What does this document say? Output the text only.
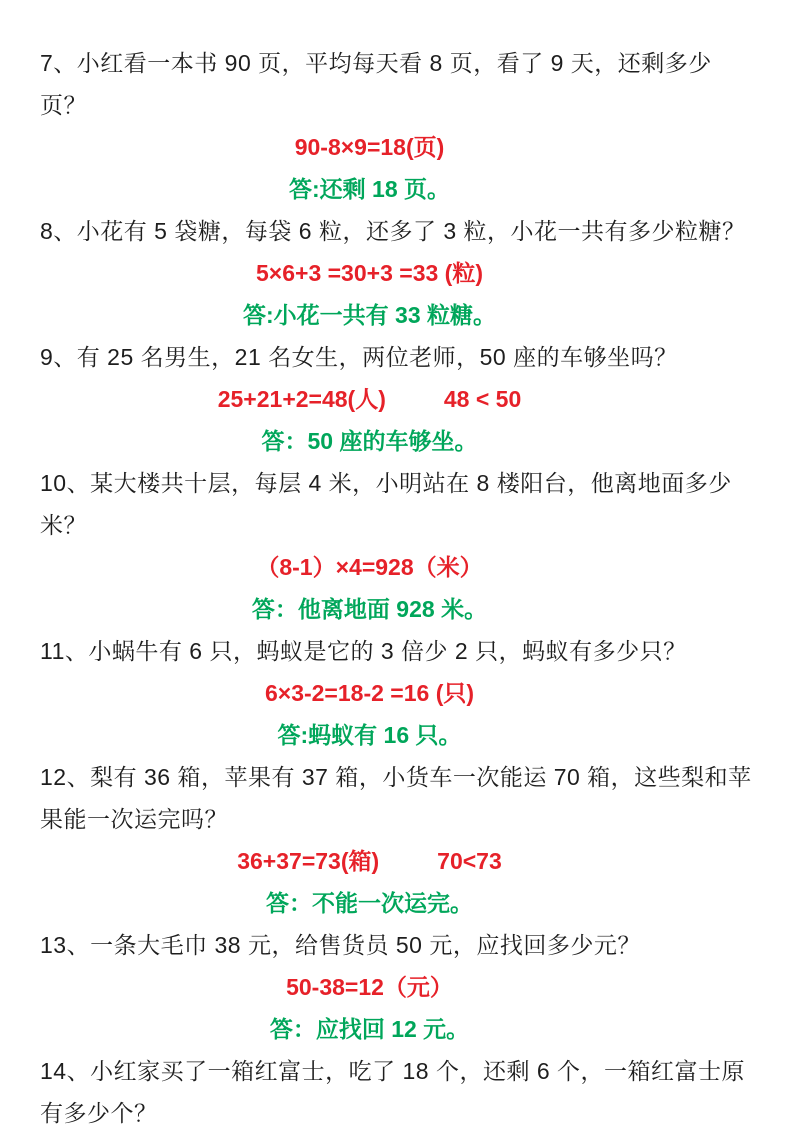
7、小红看一本书 90 页，平均每天看 8 页，看了 9 天，还剩多少页？

90-8×9=18(页)

答:还剩 18 页。

8、小花有 5 袋糖，每袋 6 粒，还多了 3 粒，小花一共有多少粒糖？

5×6+3 =30+3 =33 (粒)

答:小花一共有 33 粒糖。

9、有 25 名男生，21 名女生，两位老师，50 座的车够坐吗？

25+21+2=48(人)	48 < 50

答：50 座的车够坐。

10、某大楼共十层，每层 4 米，小明站在 8 楼阳台，他离地面多少米？

（8-1）×4=928（米）

答：他离地面 928 米。

11、小蜗牛有 6 只，蚂蚁是它的 3 倍少 2 只，蚂蚁有多少只？

6×3-2=18-2 =16 (只)

答:蚂蚁有 16 只。

12、梨有 36 箱，苹果有 37 箱，小货车一次能运 70 箱，这些梨和苹果能一次运完吗？

36+37=73(箱)	70<73

答：不能一次运完。

13、一条大毛巾 38 元，给售货员 50 元，应找回多少元？

50-38=12（元）

答：应找回 12 元。

14、小红家买了一箱红富士，吃了 18 个，还剩 6 个，一箱红富士原有多少个？
